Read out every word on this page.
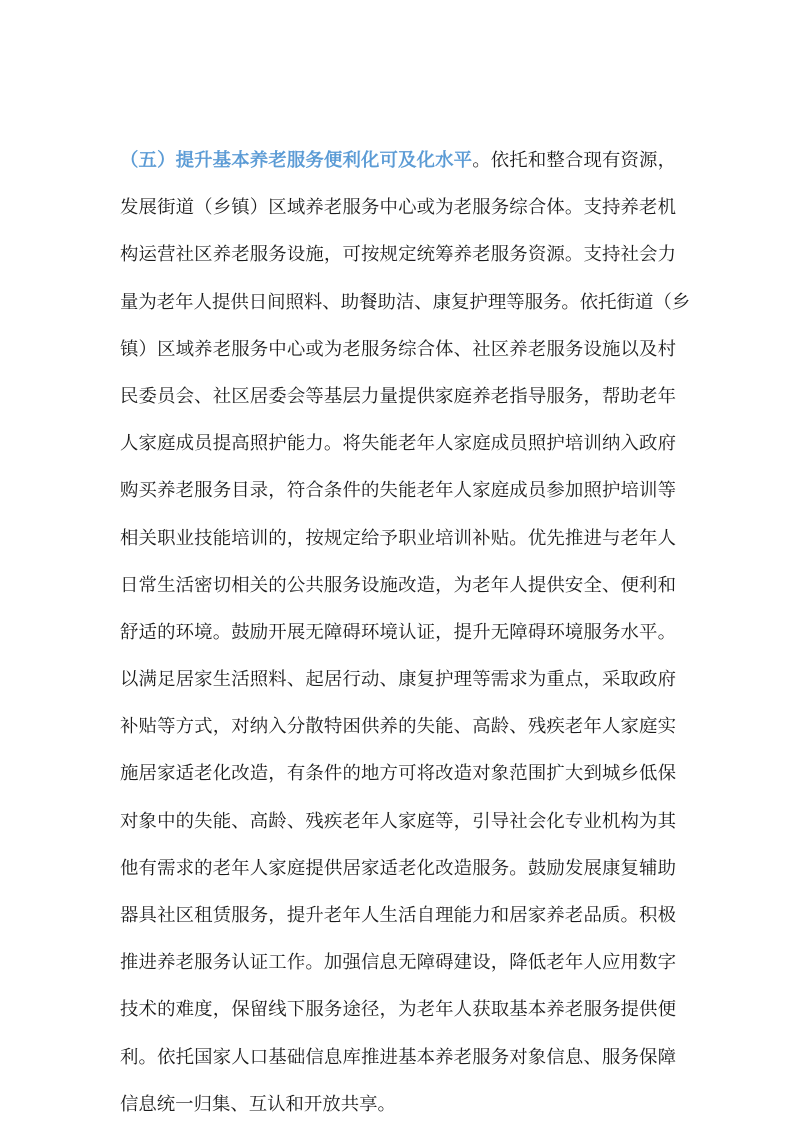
（五）提升基本养老服务便利化可及化水平。依托和整合现有资源，
发展街道（乡镇）区域养老服务中心或为老服务综合体。支持养老机
构运营社区养老服务设施，可按规定统筹养老服务资源。支持社会力
量为老年人提供日间照料、助餐助洁、康复护理等服务。依托街道（乡
镇）区域养老服务中心或为老服务综合体、社区养老服务设施以及村
民委员会、社区居委会等基层力量提供家庭养老指导服务，帮助老年
人家庭成员提高照护能力。将失能老年人家庭成员照护培训纳入政府
购买养老服务目录，符合条件的失能老年人家庭成员参加照护培训等
相关职业技能培训的，按规定给予职业培训补贴。优先推进与老年人
日常生活密切相关的公共服务设施改造，为老年人提供安全、便利和
舒适的环境。鼓励开展无障碍环境认证，提升无障碍环境服务水平。
以满足居家生活照料、起居行动、康复护理等需求为重点，采取政府
补贴等方式，对纳入分散特困供养的失能、高龄、残疾老年人家庭实
施居家适老化改造，有条件的地方可将改造对象范围扩大到城乡低保
对象中的失能、高龄、残疾老年人家庭等，引导社会化专业机构为其
他有需求的老年人家庭提供居家适老化改造服务。鼓励发展康复辅助
器具社区租赁服务，提升老年人生活自理能力和居家养老品质。积极
推进养老服务认证工作。加强信息无障碍建设，降低老年人应用数字
技术的难度，保留线下服务途径，为老年人获取基本养老服务提供便
利。依托国家人口基础信息库推进基本养老服务对象信息、服务保障
信息统一归集、互认和开放共享。
